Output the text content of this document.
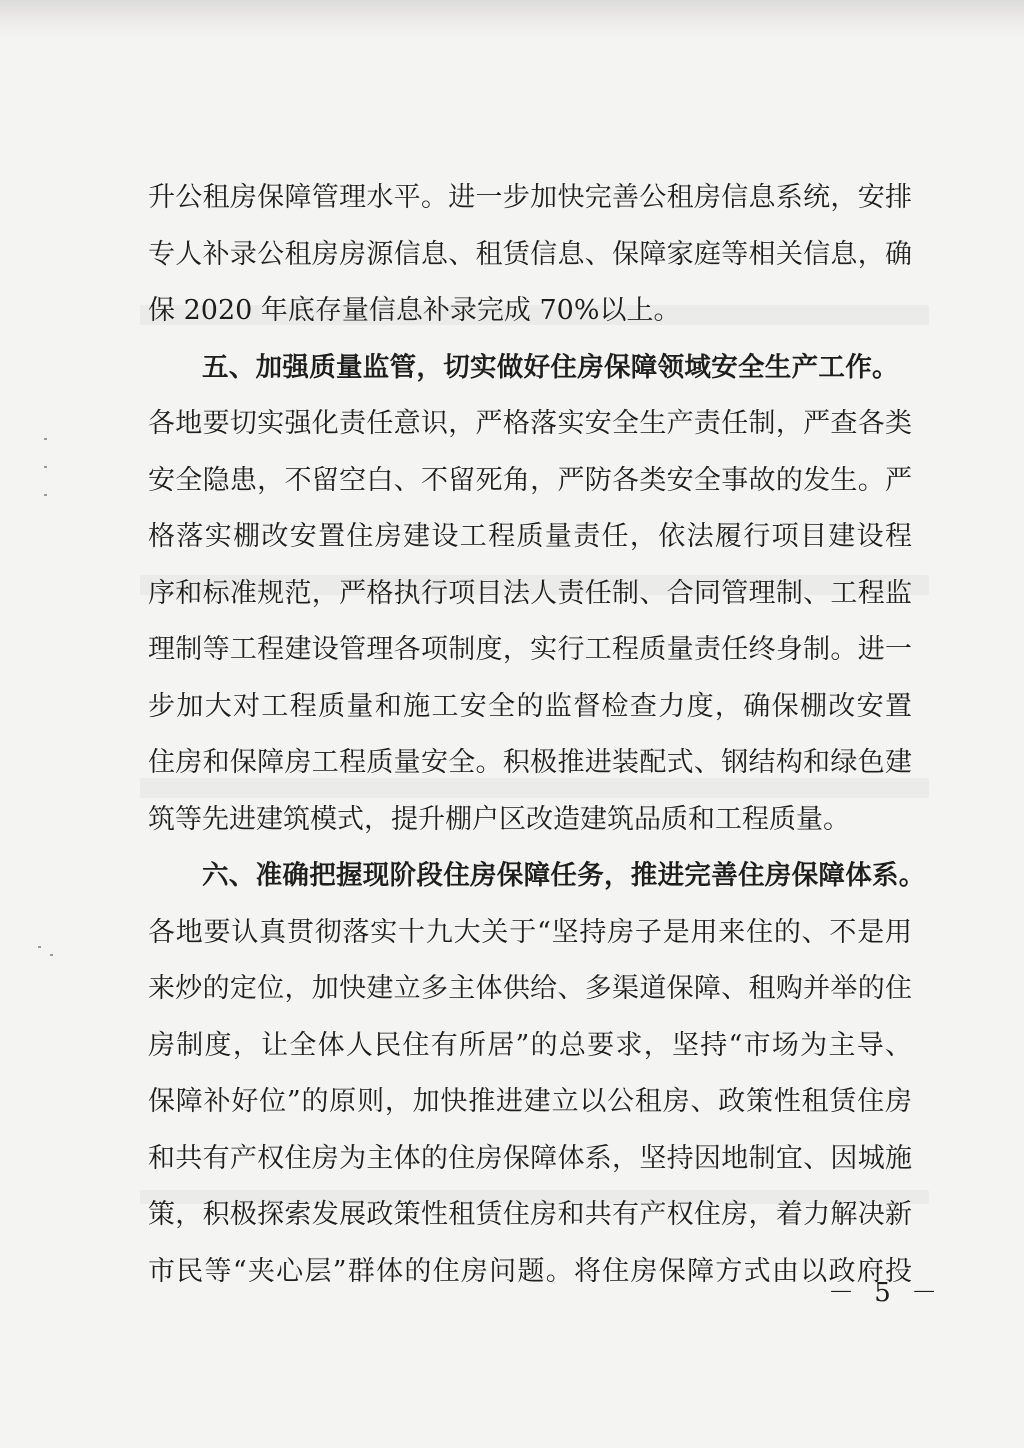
升公租房保障管理水平。进一步加快完善公租房信息系统，安排
专人补录公租房房源信息、租赁信息、保障家庭等相关信息，确
保 2020 年底存量信息补录完成 70%以上。
五、加强质量监管，切实做好住房保障领域安全生产工作。
各地要切实强化责任意识，严格落实安全生产责任制，严查各类
安全隐患，不留空白、不留死角，严防各类安全事故的发生。严
格落实棚改安置住房建设工程质量责任，依法履行项目建设程
序和标准规范，严格执行项目法人责任制、合同管理制、工程监
理制等工程建设管理各项制度，实行工程质量责任终身制。进一
步加大对工程质量和施工安全的监督检查力度，确保棚改安置
住房和保障房工程质量安全。积极推进装配式、钢结构和绿色建
筑等先进建筑模式，提升棚户区改造建筑品质和工程质量。
六、准确把握现阶段住房保障任务，推进完善住房保障体系。
各地要认真贯彻落实十九大关于“坚持房子是用来住的、不是用
来炒的定位，加快建立多主体供给、多渠道保障、租购并举的住
房制度，让全体人民住有所居”的总要求，坚持“市场为主导、
保障补好位”的原则，加快推进建立以公租房、政策性租赁住房
和共有产权住房为主体的住房保障体系，坚持因地制宜、因城施
策，积极探索发展政策性租赁住房和共有产权住房，着力解决新
市民等“夹心层”群体的住房问题。将住房保障方式由以政府投
－ 5 －
